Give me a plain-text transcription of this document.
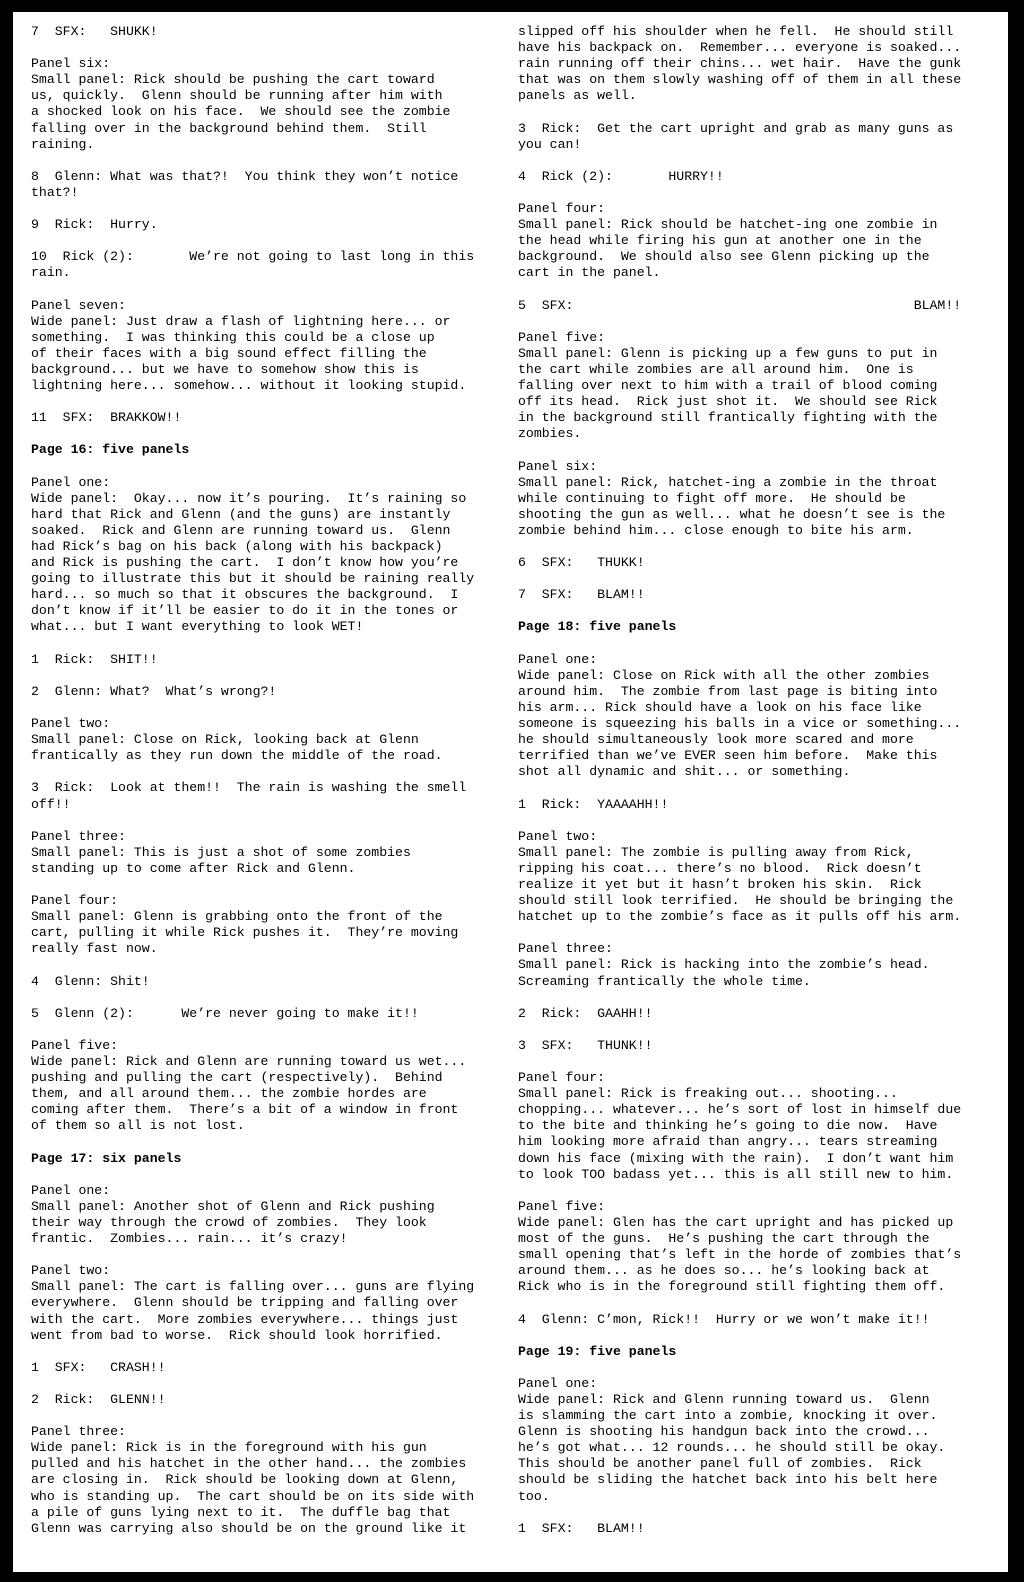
7  SFX:   SHUKK!
Panel six:
Small panel: Rick should be pushing the cart toward
us, quickly.  Glenn should be running after him with
a shocked look on his face.  We should see the zombie
falling over in the background behind them.  Still
raining.
8  Glenn: What was that?!  You think they won’t notice
that?!
9  Rick:  Hurry.
10  Rick (2):       We’re not going to last long in this
rain.
Panel seven:
Wide panel: Just draw a flash of lightning here... or
something.  I was thinking this could be a close up
of their faces with a big sound effect filling the
background... but we have to somehow show this is
lightning here... somehow... without it looking stupid.
11  SFX:  BRAKKOW!!
Page 16: five panels
Panel one:
Wide panel:  Okay... now it’s pouring.  It’s raining so
hard that Rick and Glenn (and the guns) are instantly
soaked.  Rick and Glenn are running toward us.  Glenn
had Rick’s bag on his back (along with his backpack)
and Rick is pushing the cart.  I don’t know how you’re
going to illustrate this but it should be raining really
hard... so much so that it obscures the background.  I
don’t know if it’ll be easier to do it in the tones or
what... but I want everything to look WET!
1  Rick:  SHIT!!
2  Glenn: What?  What’s wrong?!
Panel two:
Small panel: Close on Rick, looking back at Glenn
frantically as they run down the middle of the road.
3  Rick:  Look at them!!  The rain is washing the smell
off!!
Panel three:
Small panel: This is just a shot of some zombies
standing up to come after Rick and Glenn.
Panel four:
Small panel: Glenn is grabbing onto the front of the
cart, pulling it while Rick pushes it.  They’re moving
really fast now.
4  Glenn: Shit!
5  Glenn (2):      We’re never going to make it!!
Panel five:
Wide panel: Rick and Glenn are running toward us wet...
pushing and pulling the cart (respectively).  Behind
them, and all around them... the zombie hordes are
coming after them.  There’s a bit of a window in front
of them so all is not lost.
Page 17: six panels
Panel one:
Small panel: Another shot of Glenn and Rick pushing
their way through the crowd of zombies.  They look
frantic.  Zombies... rain... it’s crazy!
Panel two:
Small panel: The cart is falling over... guns are flying
everywhere.  Glenn should be tripping and falling over
with the cart.  More zombies everywhere... things just
went from bad to worse.  Rick should look horrified.
1  SFX:   CRASH!!
2  Rick:  GLENN!!
Panel three:
Wide panel: Rick is in the foreground with his gun
pulled and his hatchet in the other hand... the zombies
are closing in.  Rick should be looking down at Glenn,
who is standing up.  The cart should be on its side with
a pile of guns lying next to it.  The duffle bag that
Glenn was carrying also should be on the ground like it
slipped off his shoulder when he fell.  He should still
have his backpack on.  Remember... everyone is soaked...
rain running off their chins... wet hair.  Have the gunk
that was on them slowly washing off of them in all these
panels as well.
3  Rick:  Get the cart upright and grab as many guns as
you can!
4  Rick (2):       HURRY!!
Panel four:
Small panel: Rick should be hatchet-ing one zombie in
the head while firing his gun at another one in the
background.  We should also see Glenn picking up the
cart in the panel.
5  SFX:                                           BLAM!!
Panel five:
Small panel: Glenn is picking up a few guns to put in
the cart while zombies are all around him.  One is
falling over next to him with a trail of blood coming
off its head.  Rick just shot it.  We should see Rick
in the background still frantically fighting with the
zombies.
Panel six:
Small panel: Rick, hatchet-ing a zombie in the throat
while continuing to fight off more.  He should be
shooting the gun as well... what he doesn’t see is the
zombie behind him... close enough to bite his arm.
6  SFX:   THUKK!
7  SFX:   BLAM!!
Page 18: five panels
Panel one:
Wide panel: Close on Rick with all the other zombies
around him.  The zombie from last page is biting into
his arm... Rick should have a look on his face like
someone is squeezing his balls in a vice or something...
he should simultaneously look more scared and more
terrified than we’ve EVER seen him before.  Make this
shot all dynamic and shit... or something.
1  Rick:  YAAAAHH!!
Panel two:
Small panel: The zombie is pulling away from Rick,
ripping his coat... there’s no blood.  Rick doesn’t
realize it yet but it hasn’t broken his skin.  Rick
should still look terrified.  He should be bringing the
hatchet up to the zombie’s face as it pulls off his arm.
Panel three:
Small panel: Rick is hacking into the zombie’s head.
Screaming frantically the whole time.
2  Rick:  GAAHH!!
3  SFX:   THUNK!!
Panel four:
Small panel: Rick is freaking out... shooting...
chopping... whatever... he’s sort of lost in himself due
to the bite and thinking he’s going to die now.  Have
him looking more afraid than angry... tears streaming
down his face (mixing with the rain).  I don’t want him
to look TOO badass yet... this is all still new to him.
Panel five:
Wide panel: Glen has the cart upright and has picked up
most of the guns.  He’s pushing the cart through the
small opening that’s left in the horde of zombies that’s
around them... as he does so... he’s looking back at
Rick who is in the foreground still fighting them off.
4  Glenn: C’mon, Rick!!  Hurry or we won’t make it!!
Page 19: five panels
Panel one:
Wide panel: Rick and Glenn running toward us.  Glenn
is slamming the cart into a zombie, knocking it over.
Glenn is shooting his handgun back into the crowd...
he’s got what... 12 rounds... he should still be okay.
This should be another panel full of zombies.  Rick
should be sliding the hatchet back into his belt here
too.
1  SFX:   BLAM!!
